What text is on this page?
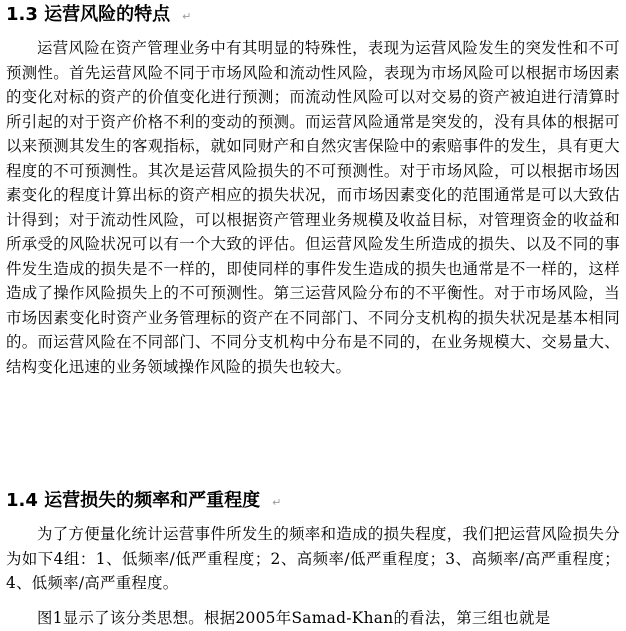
1.3 运营风险的特点 ↵

运营风险在资产管理业务中有其明显的特殊性，表现为运营风险发生的突发性和不可预测性。首先运营风险不同于市场风险和流动性风险，表现为市场风险可以根据市场因素的变化对标的资产的价值变化进行预测；而流动性风险可以对交易的资产被迫进行清算时所引起的对于资产价格不利的变动的预测。而运营风险通常是突发的，没有具体的根据可以来预测其发生的客观指标，就如同财产和自然灾害保险中的索赔事件的发生，具有更大程度的不可预测性。其次是运营风险损失的不可预测性。对于市场风险，可以根据市场因素变化的程度计算出标的资产相应的损失状况，而市场因素变化的范围通常是可以大致估计得到；对于流动性风险，可以根据资产管理业务规模及收益目标，对管理资金的收益和所承受的风险状况可以有一个大致的评估。但运营风险发生所造成的损失、以及不同的事件发生造成的损失是不一样的，即使同样的事件发生造成的损失也通常是不一样的，这样造成了操作风险损失上的不可预测性。第三运营风险分布的不平衡性。对于市场风险，当市场因素变化时资产业务管理标的资产在不同部门、不同分支机构的损失状况是基本相同的。而运营风险在不同部门、不同分支机构中分布是不同的，在业务规模大、交易量大、结构变化迅速的业务领域操作风险的损失也较大。

1.4 运营损失的频率和严重程度 ↵

为了方便量化统计运营事件所发生的频率和造成的损失程度，我们把运营风险损失分为如下4组：1、低频率/低严重程度；2、高频率/低严重程度；3、高频率/高严重程度；4、低频率/高严重程度。

图1显示了该分类思想。根据2005年Samad-Khan的看法，第三组也就是
